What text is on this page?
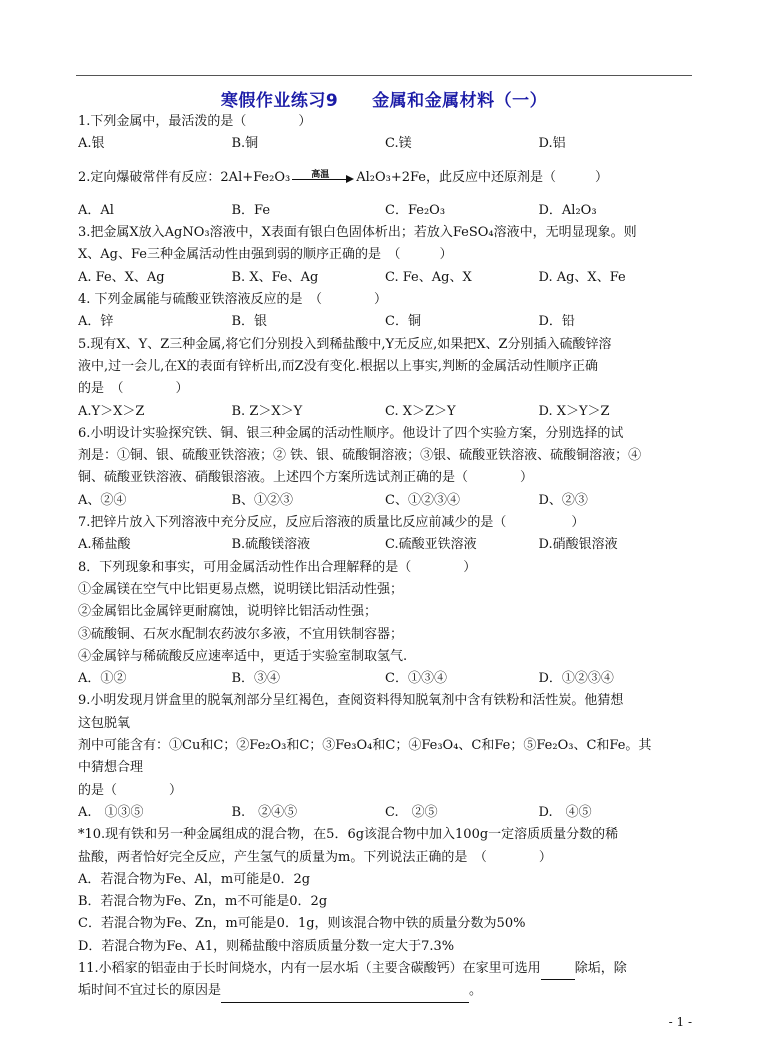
寒假作业练习9 金属和金属材料（一）
1.下列金属中，最活泼的是（　　　　）
A.银	B.铜	C.镁	D.铝
2.定向爆破常伴有反应：2Al+Fe₂O₃	高温	Al₂O₃+2Fe，此反应中还原剂是（　　　）
A．Al	B．Fe	C．Fe₂O₃	D．Al₂O₃
3.把金属X放入AgNO₃溶液中，X表面有银白色固体析出；若放入FeSO₄溶液中，无明显现象。则
X、Ag、Fe三种金属活动性由强到弱的顺序正确的是　（　　　）
A. Fe、X、Ag	B. X、Fe、Ag	C. Fe、Ag、X	D. Ag、X、Fe
4. 下列金属能与硫酸亚铁溶液反应的是　（　　　　）
A．锌	B．银	C．铜	D．铅
5.现有X、Y、Z三种金属,将它们分别投入到稀盐酸中,Y无反应,如果把X、Z分别插入硫酸锌溶
液中,过一会儿,在X的表面有锌析出,而Z没有变化.根据以上事实,判断的金属活动性顺序正确
的是　（　　　　）
A.Y＞X＞Z	B. Z＞X＞Y	C. X＞Z＞Y	D. X＞Y＞Z
6.小明设计实验探究铁、铜、银三种金属的活动性顺序。他设计了四个实验方案，分别选择的试
剂是：①铜、银、硫酸亚铁溶液；② 铁、银、硫酸铜溶液；③银、硫酸亚铁溶液、硫酸铜溶液；④
铜、硫酸亚铁溶液、硝酸银溶液。上述四个方案所选试剂正确的是（　　　　）
A、②④	B、①②③	C、①②③④	D、②③
7.把锌片放入下列溶液中充分反应，反应后溶液的质量比反应前减少的是（　　　　　）
A.稀盐酸	B.硫酸镁溶液	C.硫酸亚铁溶液	D.硝酸银溶液
8．下列现象和事实，可用金属活动性作出合理解释的是（　　　　）
①金属镁在空气中比铝更易点燃，说明镁比铝活动性强；
②金属铝比金属锌更耐腐蚀，说明锌比铝活动性强；
③硫酸铜、石灰水配制农药波尔多液，不宜用铁制容器；
④金属锌与稀硫酸反应速率适中，更适于实验室制取氢气.
A．①②	B．③④	C．①③④	D．①②③④
9.小明发现月饼盒里的脱氧剂部分呈红褐色，查阅资料得知脱氧剂中含有铁粉和活性炭。他猜想
这包脱氧
剂中可能含有：①Cu和C；②Fe₂O₃和C；③Fe₃O₄和C；④Fe₃O₄、C和Fe；⑤Fe₂O₃、C和Fe。其
中猜想合理
的是（　　　　）
A.　①③⑤	B.　②④⑤	C.　②⑤	D.　④⑤
*10.现有铁和另一种金属组成的混合物，在5．6g该混合物中加入100g一定溶质质量分数的稀
盐酸，两者恰好完全反应，产生氢气的质量为m。下列说法正确的是　（　　　　）
A．若混合物为Fe、Al，m可能是0．2g
B．若混合物为Fe、Zn，m不可能是0．2g
C．若混合物为Fe、Zn，m可能是0．1g，则该混合物中铁的质量分数为50%
D．若混合物为Fe、A1，则稀盐酸中溶质质量分数一定大于7.3%
11.小稻家的铝壶由于长时间烧水，内有一层水垢（主要含碳酸钙）在家里可选用	除垢，除
垢时间不宜过长的原因是	。
- 1 -
